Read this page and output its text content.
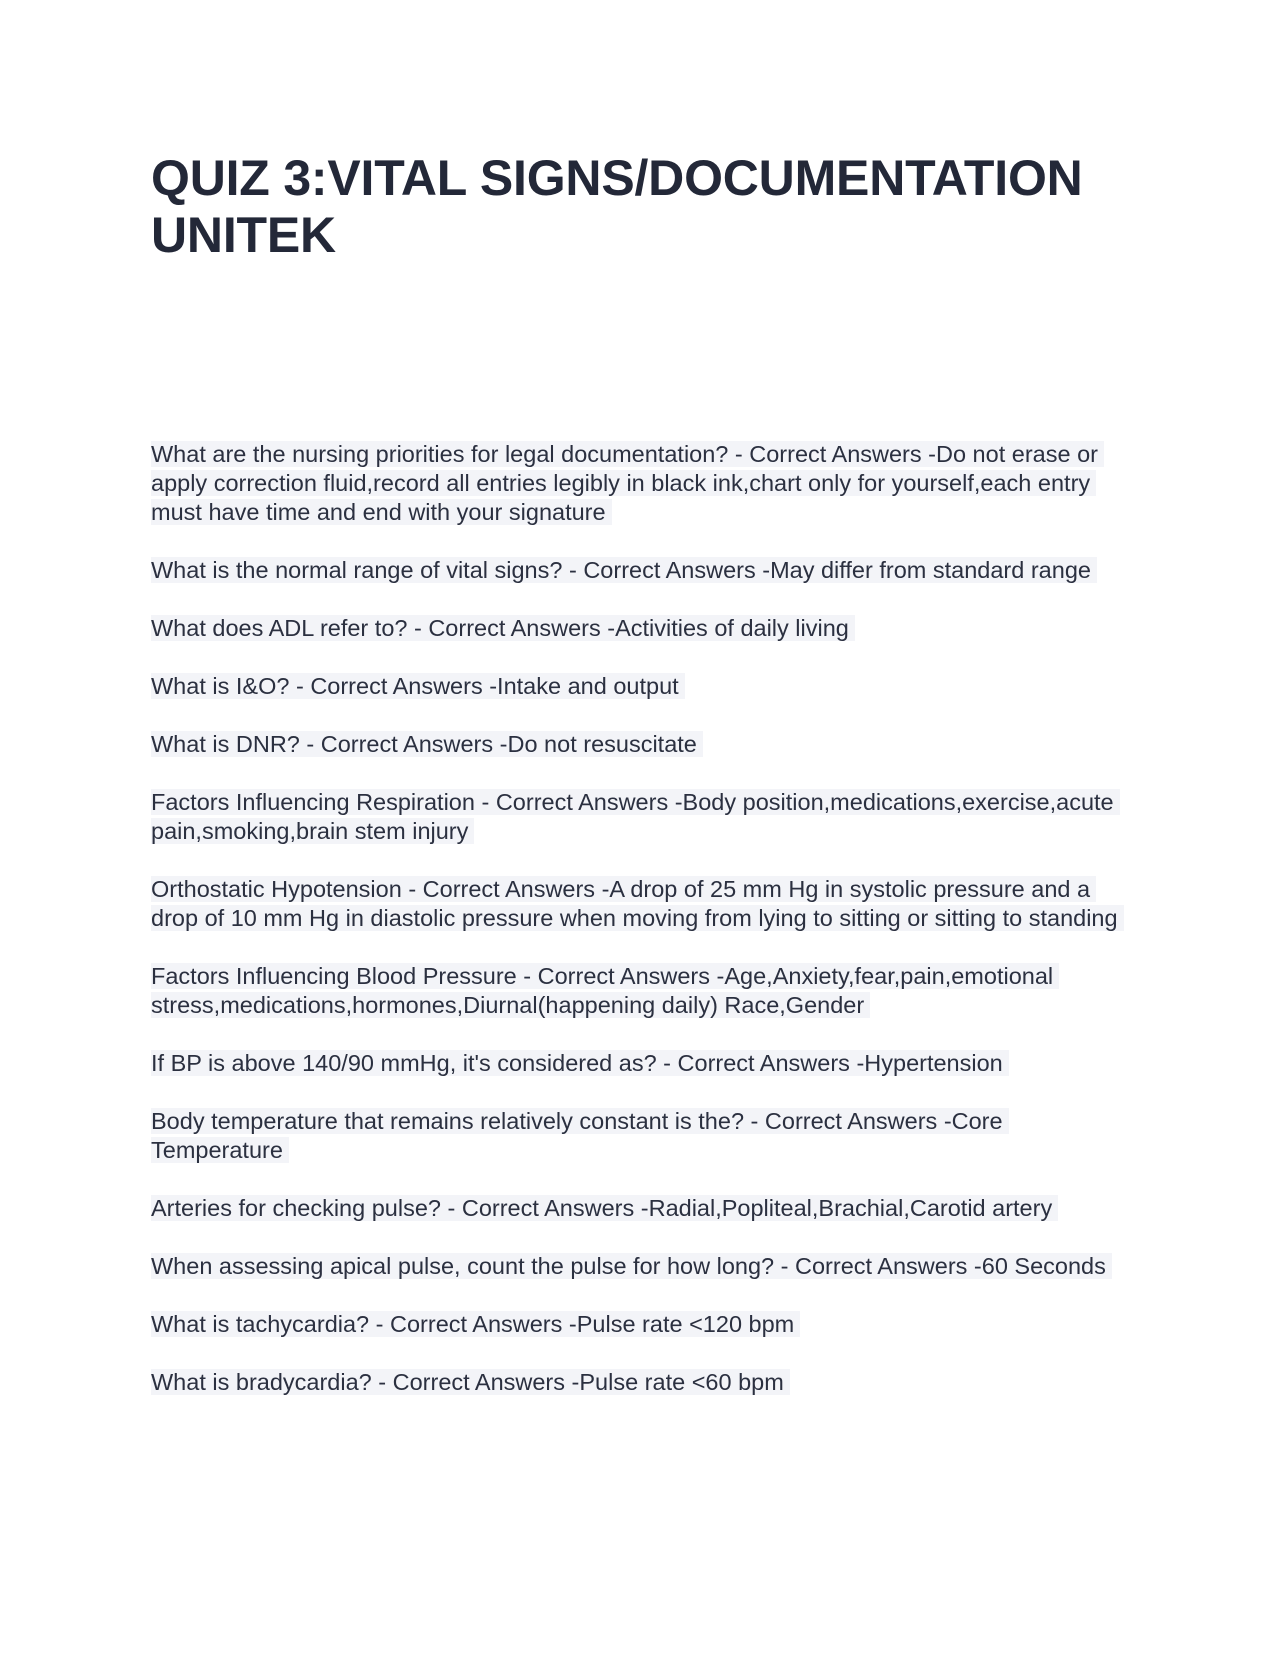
QUIZ 3:VITAL SIGNS/DOCUMENTATION
UNITEK

What are the nursing priorities for legal documentation? - Correct Answers -Do not erase or apply correction fluid,record all entries legibly in black ink,chart only for yourself,each entry must have time and end with your signature

What is the normal range of vital signs? - Correct Answers -May differ from standard range

What does ADL refer to? - Correct Answers -Activities of daily living

What is I&O? - Correct Answers -Intake and output

What is DNR? - Correct Answers -Do not resuscitate

Factors Influencing Respiration - Correct Answers -Body position,medications,exercise,acute pain,smoking,brain stem injury

Orthostatic Hypotension - Correct Answers -A drop of 25 mm Hg in systolic pressure and a drop of 10 mm Hg in diastolic pressure when moving from lying to sitting or sitting to standing

Factors Influencing Blood Pressure - Correct Answers -Age,Anxiety,fear,pain,emotional stress,medications,hormones,Diurnal(happening daily) Race,Gender

If BP is above 140/90 mmHg, it's considered as? - Correct Answers -Hypertension

Body temperature that remains relatively constant is the? - Correct Answers -Core Temperature

Arteries for checking pulse? - Correct Answers -Radial,Popliteal,Brachial,Carotid artery

When assessing apical pulse, count the pulse for how long? - Correct Answers -60 Seconds

What is tachycardia? - Correct Answers -Pulse rate <120 bpm

What is bradycardia? - Correct Answers -Pulse rate <60 bpm
